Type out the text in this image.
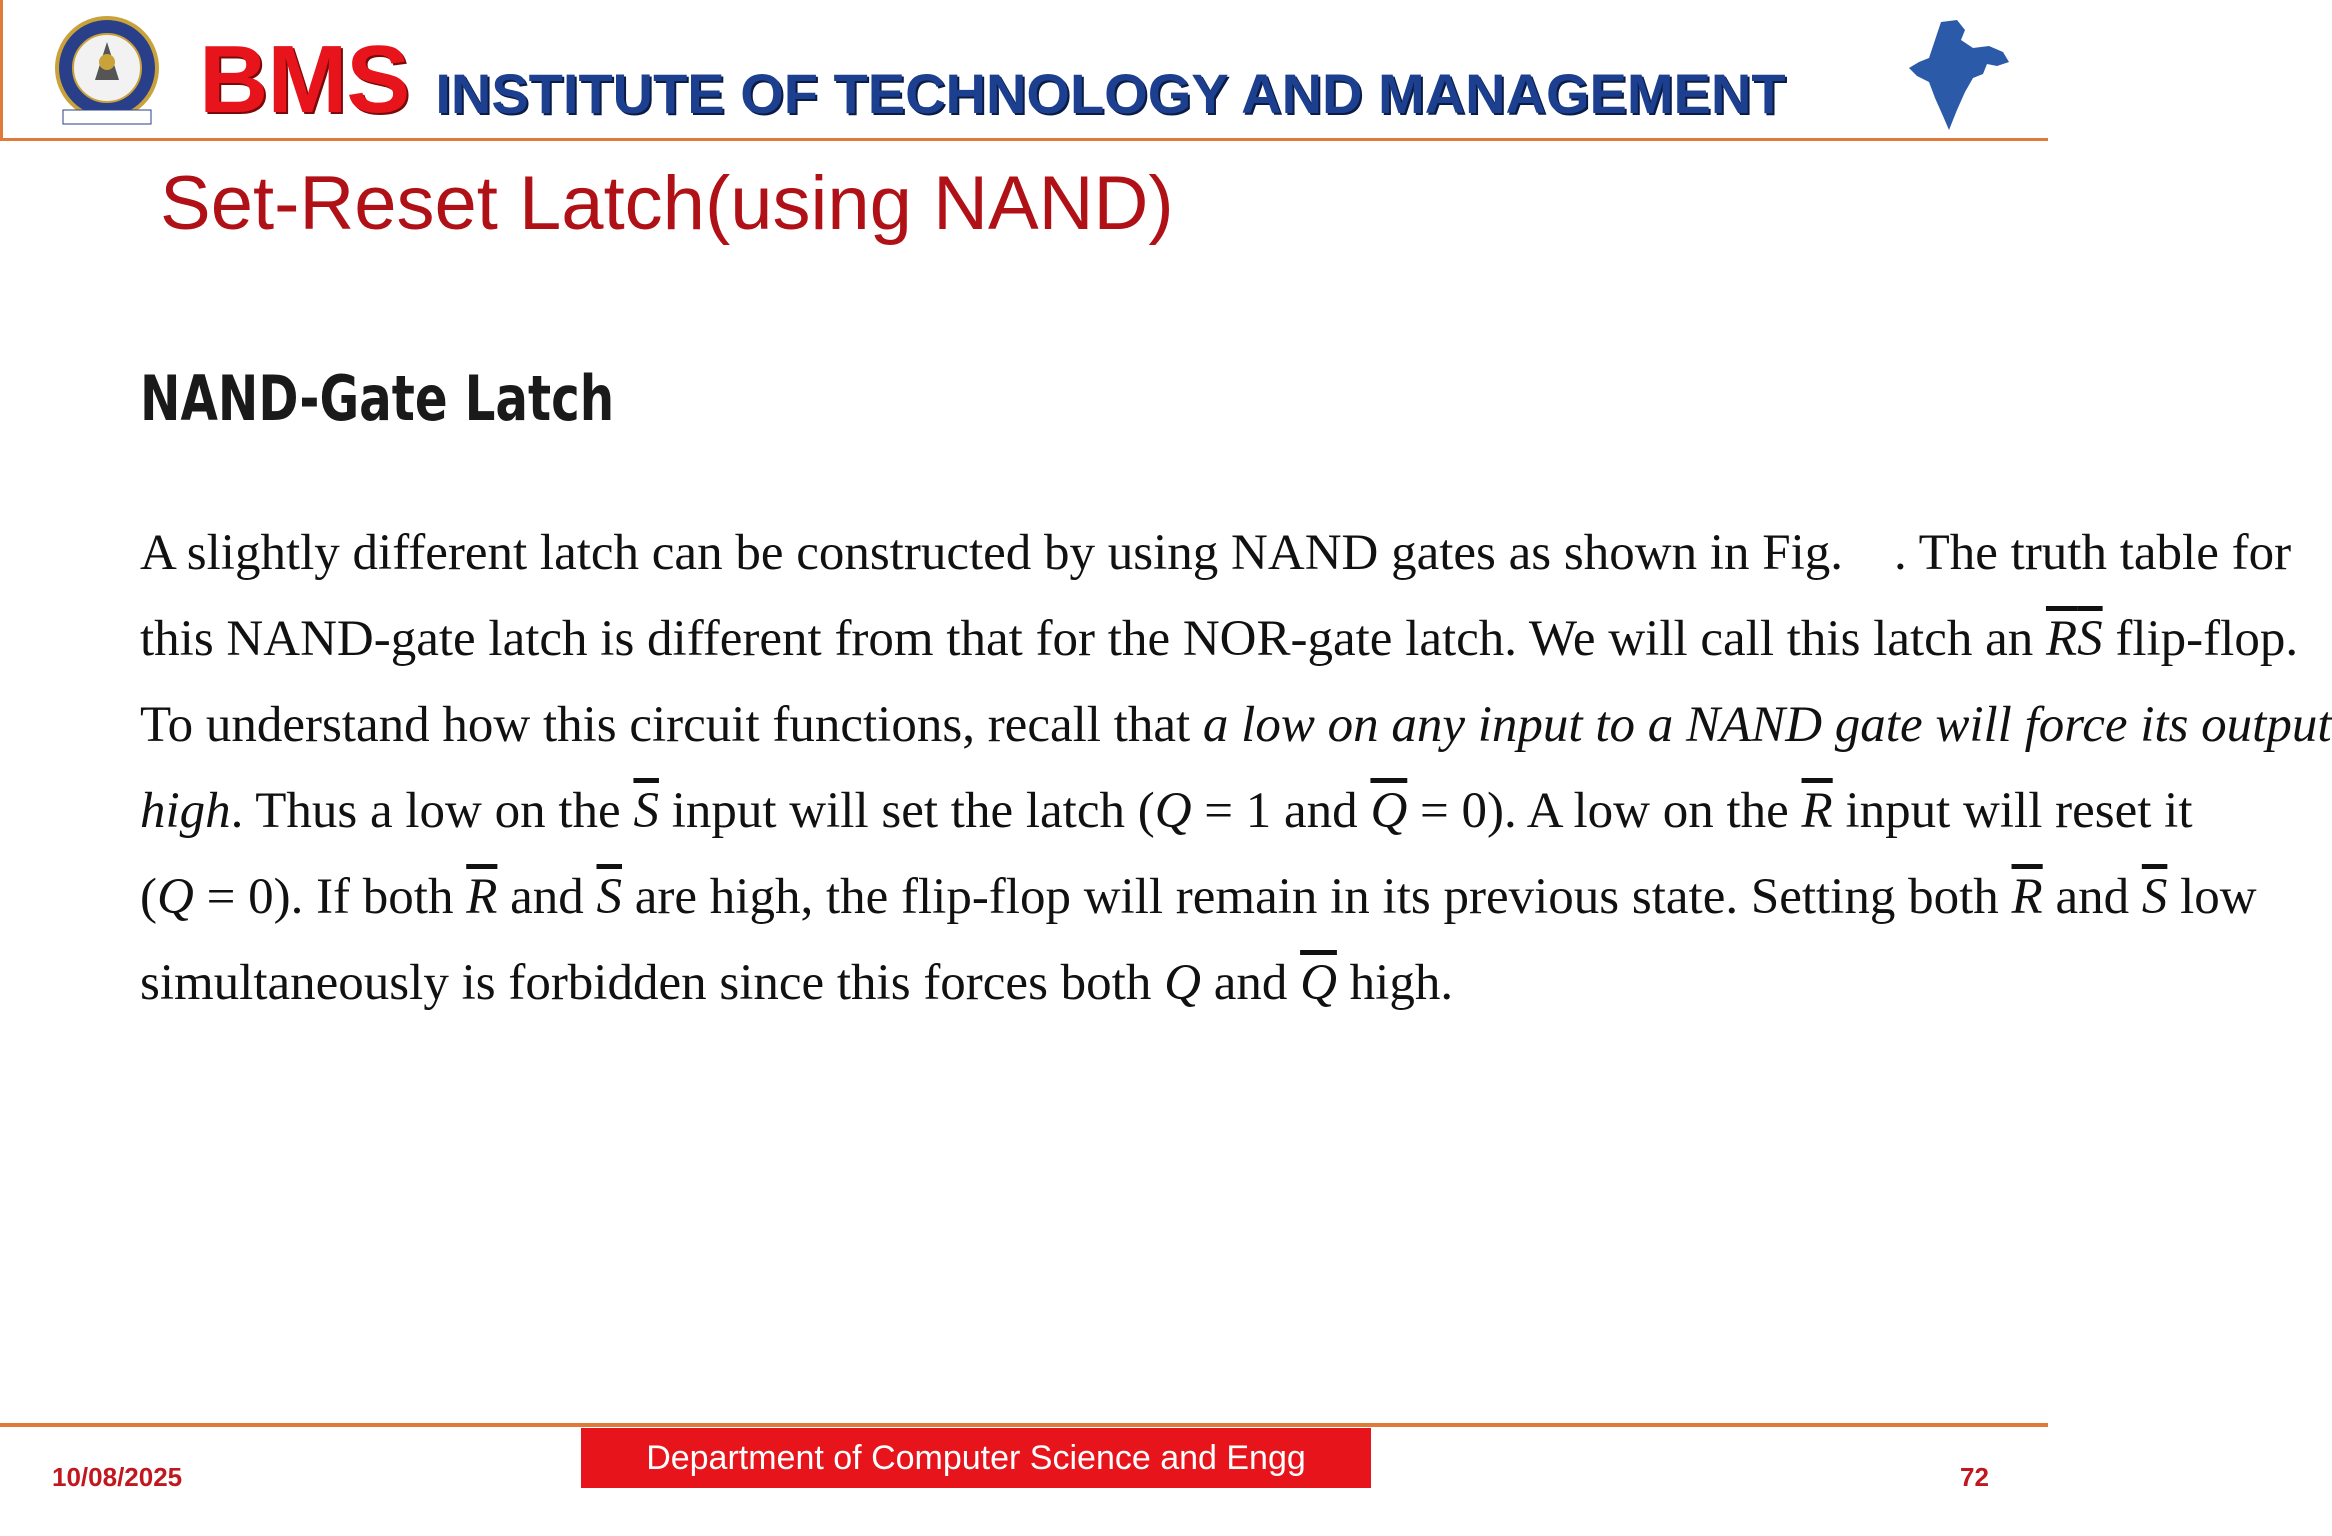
BMS INSTITUTE OF TECHNOLOGY AND MANAGEMENT
Set-Reset Latch(using NAND)
NAND-Gate Latch
A slightly different latch can be constructed by using NAND gates as shown in Fig. . The truth table for
this NAND-gate latch is different from that for the NOR-gate latch. We will call this latch an $\overline{R}\overline{S}$ flip-flop.
To understand how this circuit functions, recall that a low on any input to a NAND gate will force its output
high. Thus a low on the $\overline{S}$ input will set the latch (Q = 1 and $\overline{Q} = 0$). A low on the $\overline{R}$ input will reset it
(Q = 0). If both $\overline{R}$ and $\overline{S}$ are high, the flip-flop will remain in its previous state. Setting both $\overline{R}$ and $\overline{S}$ low
simultaneously is forbidden since this forces both Q and $\overline{Q}$ high.
10/08/2025
Department of Computer Science and Engg
72
